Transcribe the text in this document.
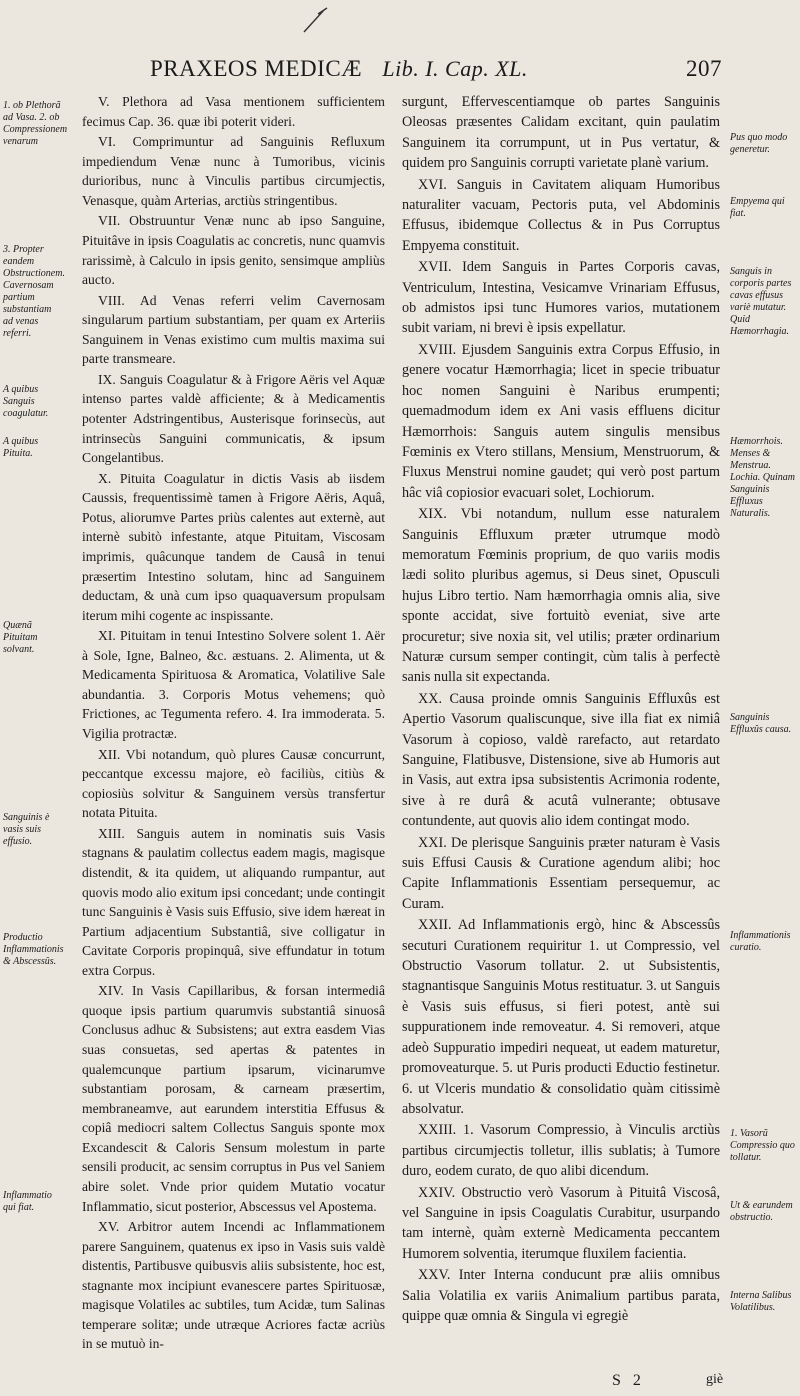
PRAXEOS MEDICÆ Lib. I. Cap. XL.	207

V. Plethora ad Vasa mentionem sufficientem fecimus Cap. 36. quæ ibi poterit videri.

VI. Comprimuntur ad Sanguinis Refluxum impediendum Venæ nunc à Tumoribus, vicinis durioribus, nunc à Vinculis partibus circumjectis, Venasque, quàm Arterias, arctiùs stringentibus.

VII. Obstruuntur Venæ nunc ab ipso Sanguine, Pituitâve in ipsis Coagulatis ac concretis, nunc quamvis rarissimè, à Calculo in ipsis genito, sensimque ampliùs aucto.

VIII. Ad Venas referri velim Cavernosam singularum partium substantiam, per quam ex Arteriis Sanguinem in Venas existimo cum multis maxima sui parte transmeare.

IX. Sanguis Coagulatur & à Frigore Aëris vel Aquæ intenso partes valdè afficiente; & à Medicamentis potenter Adstringentibus, Austerisque forinsecùs, aut intrinsecùs Sanguini communicatis, & ipsum Congelantibus.

X. Pituita Coagulatur in dictis Vasis ab iisdem Caussis, frequentissimè tamen à Frigore Aëris, Aquâ, Potus, aliorumve Partes priùs calentes aut externè, aut internè subitò infestante, atque Pituitam, Viscosam imprimis, quâcunque tandem de Causâ in tenui præsertim Intestino solutam, hinc ad Sanguinem deductam, & unà cum ipso quaquaversum propulsam iterum mihi cogente ac inspissante.

XI. Pituitam in tenui Intestino Solvere solent 1. Aër à Sole, Igne, Balneo, &c. æstuans. 2. Alimenta, ut & Medicamenta Spirituosa & Aromatica, Volatilive Sale abundantia. 3. Corporis Motus vehemens; quò Frictiones, ac Tegumenta refero. 4. Ira immoderata. 5. Vigilia protractæ.

XII. Vbi notandum, quò plures Causæ concurrunt, peccantque excessu majore, eò faciliùs, citiùs & copiosiùs solvitur & Sanguinem versùs transfertur notata Pituita.

XIII. Sanguis autem in nominatis suis Vasis stagnans & paulatim collectus eadem magis, magisque distendit, & ita quidem, ut aliquando rumpantur, aut quovis modo alio exitum ipsi concedant; unde contingit tunc Sanguinis è Vasis suis Effusio, sive idem hæreat in Partium adjacentium Substantiâ, sive colligatur in Cavitate Corporis propinquâ, sive effundatur in totum extra Corpus.

XIV. In Vasis Capillaribus, & forsan intermediâ quoque ipsis partium quarumvis substantiâ sinuosâ Conclusus adhuc & Subsistens; aut extra easdem Vias suas consuetas, sed apertas & patentes in qualemcunque partium ipsarum, vicinarumve substantiam porosam, & carneam præsertim, membraneamve, aut earundem interstitia Effusus & copiâ mediocri saltem Collectus Sanguis sponte mox Excandescit & Caloris Sensum molestum in parte sensili producit, ac sensim corruptus in Pus vel Saniem abire solet. Vnde prior quidem Mutatio vocatur Inflammatio, sicut posterior, Abscessus vel Apostema.

XV. Arbitror autem Incendi ac Inflammationem parere Sanguinem, quatenus ex ipso in Vasis suis valdè distentis, Partibusve quibusvis aliis subsistente, hoc est, stagnante mox incipiunt evanescere partes Spirituosæ, magisque Volatiles ac subtiles, tum Acidæ, tum Salinas temperare solitæ; unde utræque Acriores factæ acriùs in se mutuò in-

surgunt, Effervescentiamque ob partes Sanguinis Oleosas præsentes Calidam excitant, quin paulatim Sanguinem ita corrumpunt, ut in Pus vertatur, & quidem pro Sanguinis corrupti varietate planè varium.

XVI. Sanguis in Cavitatem aliquam Humoribus naturaliter vacuam, Pectoris puta, vel Abdominis Effusus, ibidemque Collectus & in Pus Corruptus Empyema constituit.

XVII. Idem Sanguis in Partes Corporis cavas, Ventriculum, Intestina, Vesicamve Vrinariam Effusus, ob admistos ipsi tunc Humores varios, mutationem subit variam, ni brevi è ipsis expellatur.

XVIII. Ejusdem Sanguinis extra Corpus Effusio, in genere vocatur Hæmorrhagia; licet in specie tribuatur hoc nomen Sanguini è Naribus erumpenti; quemadmodum idem ex Ani vasis effluens dicitur Hæmorrhois: Sanguis autem singulis mensibus Fœminis ex Vtero stillans, Mensium, Menstruorum, & Fluxus Menstrui nomine gaudet; qui verò post partum hâc viâ copiosior evacuari solet, Lochiorum.

XIX. Vbi notandum, nullum esse naturalem Sanguinis Effluxum præter utrumque modò memoratum Fœminis proprium, de quo variis modis lædi solito pluribus agemus, si Deus sinet, Opusculi hujus Libro tertio. Nam hæmorrhagia omnis alia, sive sponte accidat, sive fortuitò eveniat, sive arte procuretur; sive noxia sit, vel utilis; præter ordinarium Naturæ cursum semper contingit, cùm talis à perfectè sanis nulla sit expectanda.

XX. Causa proinde omnis Sanguinis Effluxûs est Apertio Vasorum qualiscunque, sive illa fiat ex nimiâ Vasorum à copioso, valdè rarefacto, aut retardato Sanguine, Flatibusve, Distensione, sive ab Humoris aut in Vasis, aut extra ipsa subsistentis Acrimonia rodente, sive à re durâ & acutâ vulnerante; obtusave contundente, aut quovis alio idem contingat modo.

XXI. De plerisque Sanguinis præter naturam è Vasis suis Effusi Causis & Curatione agendum alibi; hoc Capite Inflammationis Essentiam persequemur, ac Curam.

XXII. Ad Inflammationis ergò, hinc & Abscessûs secuturi Curationem requiritur 1. ut Compressio, vel Obstructio Vasorum tollatur. 2. ut Subsistentis, stagnantisque Sanguinis Motus restituatur. 3. ut Sanguis è Vasis suis effusus, si fieri potest, antè sui suppurationem inde removeatur. 4. Si removeri, atque adeò Suppuratio impediri nequeat, ut eadem maturetur, promoveaturque. 5. ut Puris producti Eductio festinetur. 6. ut Vlceris mundatio & consolidatio quàm citissimè absolvatur.

XXIII. 1. Vasorum Compressio, à Vinculis arctiùs partibus circumjectis tolletur, illis sublatis; à Tumore duro, eodem curato, de quo alibi dicendum.

XXIV. Obstructio verò Vasorum à Pituitâ Viscosâ, vel Sanguine in ipsis Coagulatis Curabitur, usurpando tam internè, quàm externè Medicamenta peccantem Humorem solventia, iterumque fluxilem facientia.

XXV. Inter Interna conducunt præ aliis omnibus Salia Volatilia ex variis Animalium partibus parata, quippe quæ omnia & Singula vi egregiè

1. ob Plethorã ad Vasa. 2. ob Compressionem venarum
3. Propter eandem Obstructionem. Cavernosam partium substantiam ad venas referri.
A quibus Sanguis coagulatur.
A quibus Pituita.
Quænã Pituitam solvant.
Sanguinis è vasis suis effusio.
Productio Inflammationis & Abscessûs.
Inflammatio qui fiat.
Pus quo modo generetur.
Empyema qui fiat.
Sanguis in corporis partes cavas effusus variè mutatur. Quid Hæmorrhagia.
Hæmorrhois. Menses & Menstrua. Lochia. Quinam Sanguinis Effluxus Naturalis.
Sanguinis Effluxûs causa.
Inflammationis curatio.
1. Vasorũ Compressio quo tollatur.
Ut & earundem obstructio.
Interna Salibus Volatilibus.
S 2	giè
